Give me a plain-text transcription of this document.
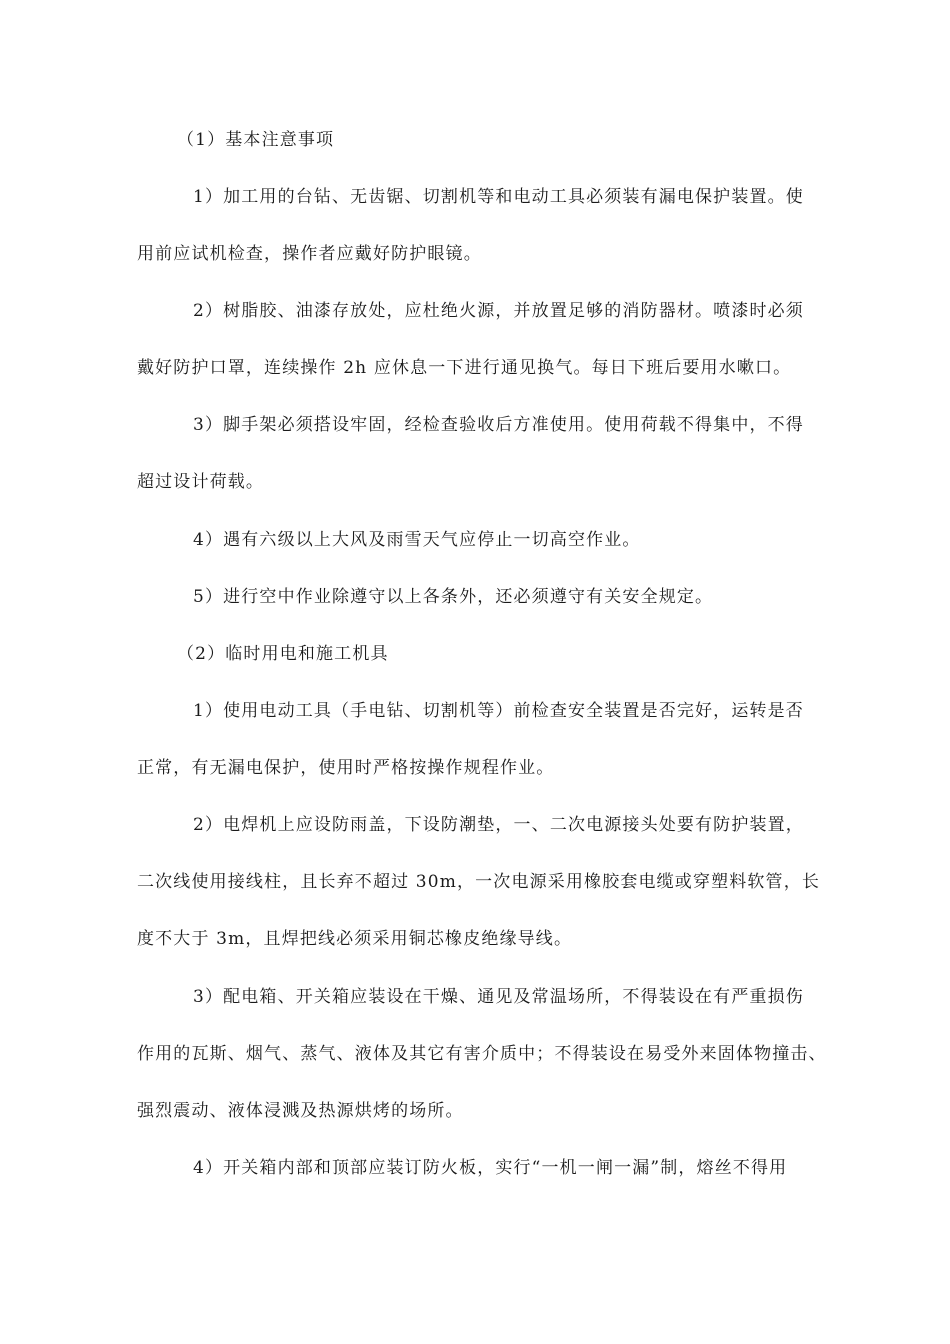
（1）基本注意事项
1）加工用的台钻、无齿锯、切割机等和电动工具必须装有漏电保护装置。使
用前应试机检查，操作者应戴好防护眼镜。
2）树脂胶、油漆存放处，应杜绝火源，并放置足够的消防器材。喷漆时必须
戴好防护口罩，连续操作 2h 应休息一下进行通见换气。每日下班后要用水嗽口。
3）脚手架必须搭设牢固，经检查验收后方准使用。使用荷载不得集中，不得
超过设计荷载。
4）遇有六级以上大风及雨雪天气应停止一切高空作业。
5）进行空中作业除遵守以上各条外，还必须遵守有关安全规定。
（2）临时用电和施工机具
1）使用电动工具（手电钻、切割机等）前检查安全装置是否完好，运转是否
正常，有无漏电保护，使用时严格按操作规程作业。
2）电焊机上应设防雨盖，下设防潮垫，一、二次电源接头处要有防护装置，
二次线使用接线柱，且长弃不超过 30m，一次电源采用橡胶套电缆或穿塑料软管，长
度不大于 3m，且焊把线必须采用铜芯橡皮绝缘导线。
3）配电箱、开关箱应装设在干燥、通见及常温场所，不得装设在有严重损伤
作用的瓦斯、烟气、蒸气、液体及其它有害介质中；不得装设在易受外来固体物撞击、
强烈震动、液体浸溅及热源烘烤的场所。
4）开关箱内部和顶部应装订防火板，实行“一机一闸一漏”制，熔丝不得用
